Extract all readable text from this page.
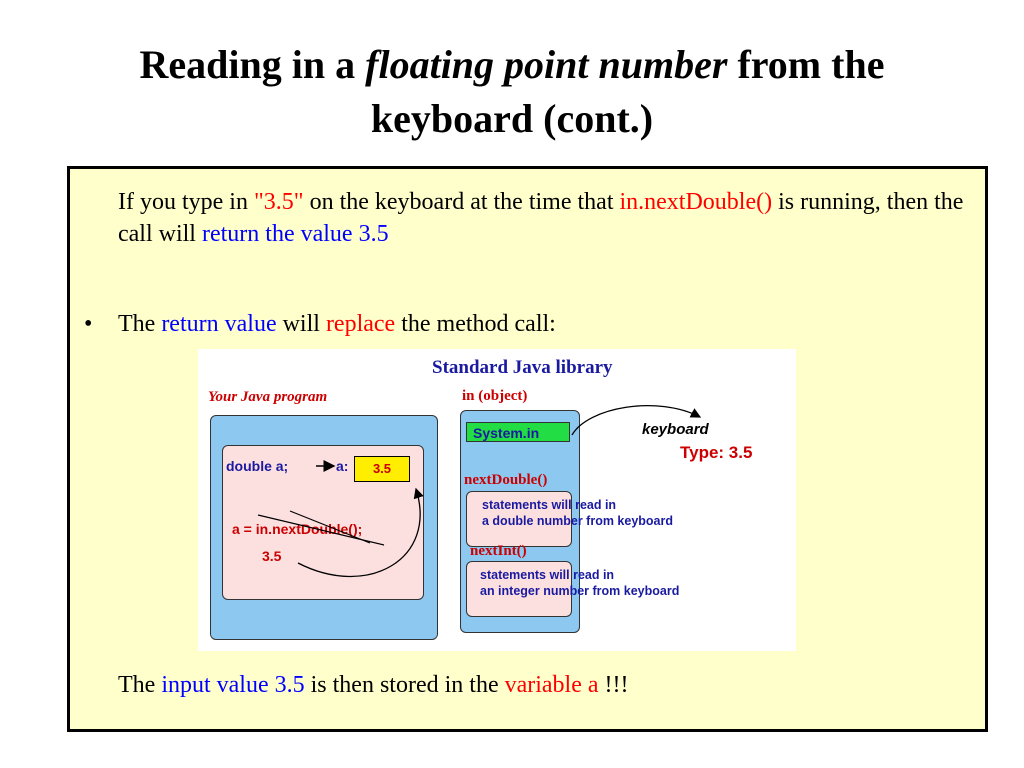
Reading in a floating point number from the
keyboard (cont.)
If you type in "3.5" on the keyboard at the time that in.nextDouble() is running, then the call will return the value 3.5
• The return value will replace the method call:
Standard Java library
Your Java program	in (object)
System.in
nextDouble()
statements will read in
a double number from keyboard
nextInt()
statements will read in
an integer number from keyboard
keyboard
Type: 3.5
double a;	a:	3.5
a = in.nextDouble();
3.5
The input value 3.5 is then stored in the variable a !!!
